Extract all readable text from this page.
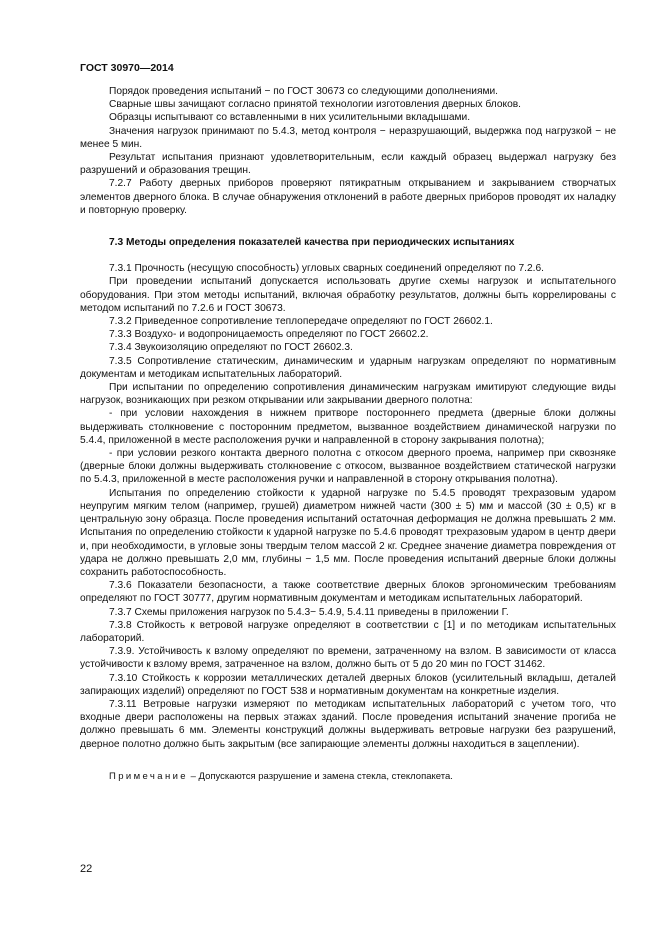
ГОСТ 30970—2014

Порядок проведения испытаний − по ГОСТ 30673 со следующими дополнениями.

Сварные швы зачищают согласно принятой технологии изготовления дверных блоков.

Образцы испытывают со вставленными в них усилительными вкладышами.

Значения нагрузок принимают по 5.4.3, метод контроля − неразрушающий, выдержка под нагрузкой − не менее 5 мин.

Результат испытания признают удовлетворительным, если каждый образец выдержал нагрузку без разрушений и образования трещин.

7.2.7 Работу дверных приборов проверяют пятикратным открыванием и закрыванием створчатых элементов дверного блока. В случае обнаружения отклонений в работе дверных приборов проводят их наладку и повторную проверку.

7.3 Методы определения показателей качества при периодических испытаниях

7.3.1 Прочность (несущую способность) угловых сварных соединений определяют по 7.2.6.

При проведении испытаний допускается использовать другие схемы нагрузок и испытательного оборудования. При этом методы испытаний, включая обработку результатов, должны быть коррелированы с методом испытаний по 7.2.6 и ГОСТ 30673.

7.3.2 Приведенное сопротивление теплопередаче определяют по ГОСТ 26602.1.

7.3.3 Воздухо- и водопроницаемость определяют по ГОСТ 26602.2.

7.3.4 Звукоизоляцию определяют по ГОСТ 26602.3.

7.3.5 Сопротивление статическим, динамическим и ударным нагрузкам определяют по нормативным документам и методикам испытательных лабораторий.

При испытании по определению сопротивления динамическим нагрузкам имитируют следующие виды нагрузок, возникающих при резком открывании или закрывании дверного полотна:

- при условии нахождения в нижнем притворе постороннего предмета (дверные блоки должны выдерживать столкновение с посторонним предметом, вызванное воздействием динамической нагрузки по 5.4.4, приложенной в месте расположения ручки и направленной в сторону закрывания полотна);

- при условии резкого контакта дверного полотна с откосом дверного проема, например при сквозняке (дверные блоки должны выдерживать столкновение с откосом, вызванное воздействием статической нагрузки по 5.4.3, приложенной в месте расположения ручки и направленной в сторону открывания полотна).

Испытания по определению стойкости к ударной нагрузке по 5.4.5 проводят трехразовым ударом неупругим мягким телом (например, грушей) диаметром нижней части (300 ± 5) мм и массой (30 ± 0,5) кг в центральную зону образца. После проведения испытаний остаточная деформация не должна превышать 2 мм. Испытания по определению стойкости к ударной нагрузке по 5.4.6 проводят трехразовым ударом в центр двери и, при необходимости, в угловые зоны твердым телом массой 2 кг. Среднее значение диаметра повреждения от удара не должно превышать 2,0 мм, глубины − 1,5 мм. После проведения испытаний дверные блоки должны сохранить работоспособность.

7.3.6 Показатели безопасности, а также соответствие дверных блоков эргономическим требованиям определяют по ГОСТ 30777, другим нормативным документам и методикам испытательных лабораторий.

7.3.7 Схемы приложения нагрузок по 5.4.3− 5.4.9, 5.4.11 приведены в приложении Г.

7.3.8 Стойкость к ветровой нагрузке определяют в соответствии с [1] и по методикам испытательных лабораторий.

7.3.9. Устойчивость к взлому определяют по времени, затраченному на взлом. В зависимости от класса устойчивости к взлому время, затраченное на взлом, должно быть от 5 до 20 мин по ГОСТ 31462.

7.3.10 Стойкость к коррозии металлических деталей дверных блоков (усилительный вкладыш, деталей запирающих изделий) определяют по ГОСТ 538 и нормативным документам на конкретные изделия.

7.3.11 Ветровые нагрузки измеряют по методикам испытательных лабораторий с учетом того, что входные двери расположены на первых этажах зданий. После проведения испытаний значение прогиба не должно превышать 6 мм. Элементы конструкций должны выдерживать ветровые нагрузки без разрушений, дверное полотно должно быть закрытым (все запирающие элементы должны находиться в зацеплении).

Примечание – Допускаются разрушение и замена стекла, стеклопакета.
22
